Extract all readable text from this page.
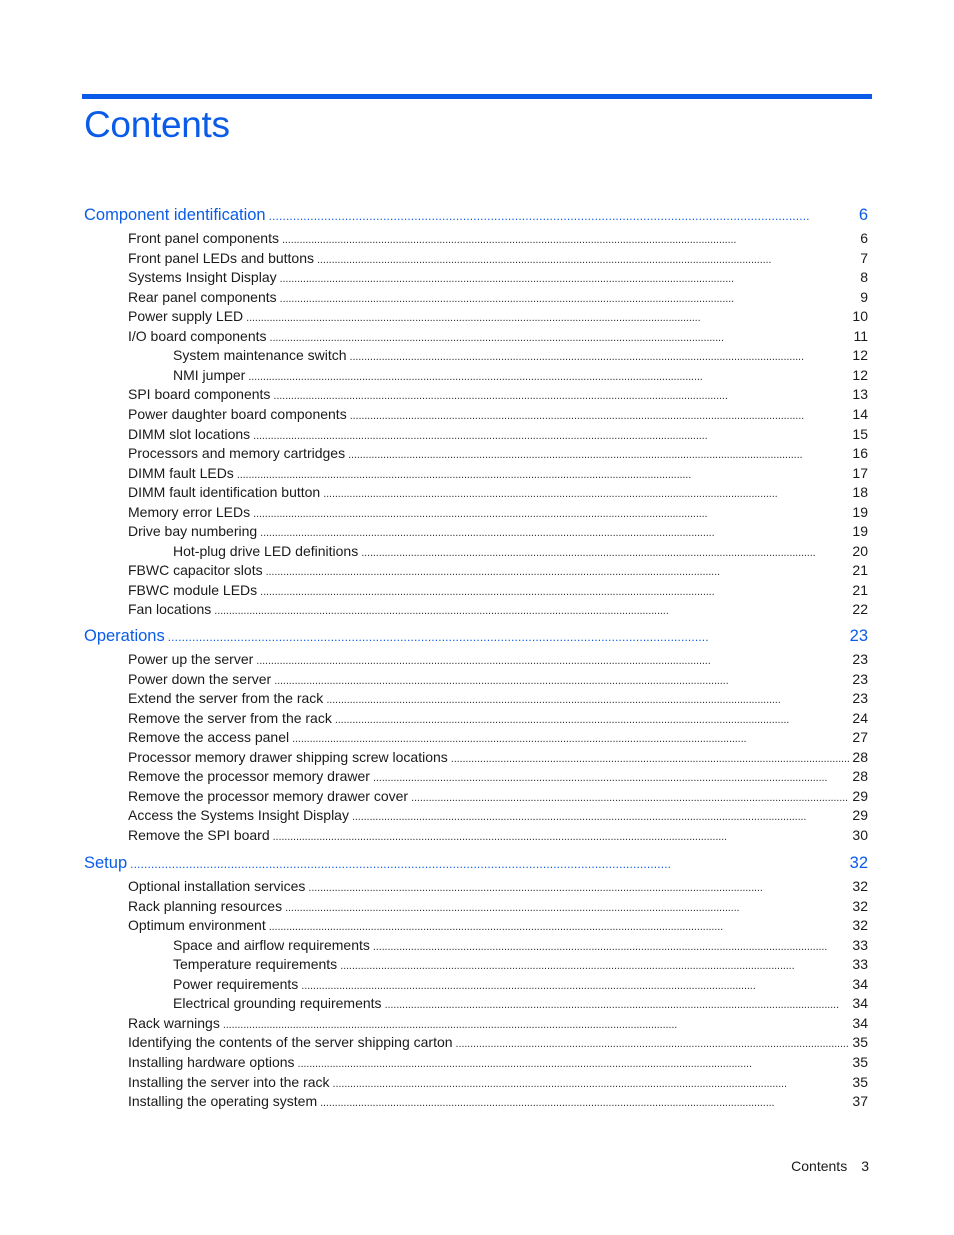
Contents
Component identification . . .	6
Front panel components . . .	6
Front panel LEDs and buttons . . .	7
Systems Insight Display . . .	8
Rear panel components . . .	9
Power supply LED . . .	10
I/O board components . . .	11
System maintenance switch . . .	12
NMI jumper . . .	12
SPI board components . . .	13
Power daughter board components . . .	14
DIMM slot locations . . .	15
Processors and memory cartridges . . .	16
DIMM fault LEDs . . .	17
DIMM fault identification button . . .	18
Memory error LEDs . . .	19
Drive bay numbering . . .	19
Hot-plug drive LED definitions . . .	20
FBWC capacitor slots . . .	21
FBWC module LEDs . . .	21
Fan locations . . .	22
Operations . . .	23
Power up the server . . .	23
Power down the server . . .	23
Extend the server from the rack . . .	23
Remove the server from the rack . . .	24
Remove the access panel . . .	27
Processor memory drawer shipping screw locations . . .	28
Remove the processor memory drawer . . .	28
Remove the processor memory drawer cover . . .	29
Access the Systems Insight Display . . .	29
Remove the SPI board . . .	30
Setup . . .	32
Optional installation services . . .	32
Rack planning resources . . .	32
Optimum environment . . .	32
Space and airflow requirements . . .	33
Temperature requirements . . .	33
Power requirements . . .	34
Electrical grounding requirements . . .	34
Rack warnings . . .	34
Identifying the contents of the server shipping carton . . .	35
Installing hardware options . . .	35
Installing the server into the rack . . .	35
Installing the operating system . . .	37
Contents 3
